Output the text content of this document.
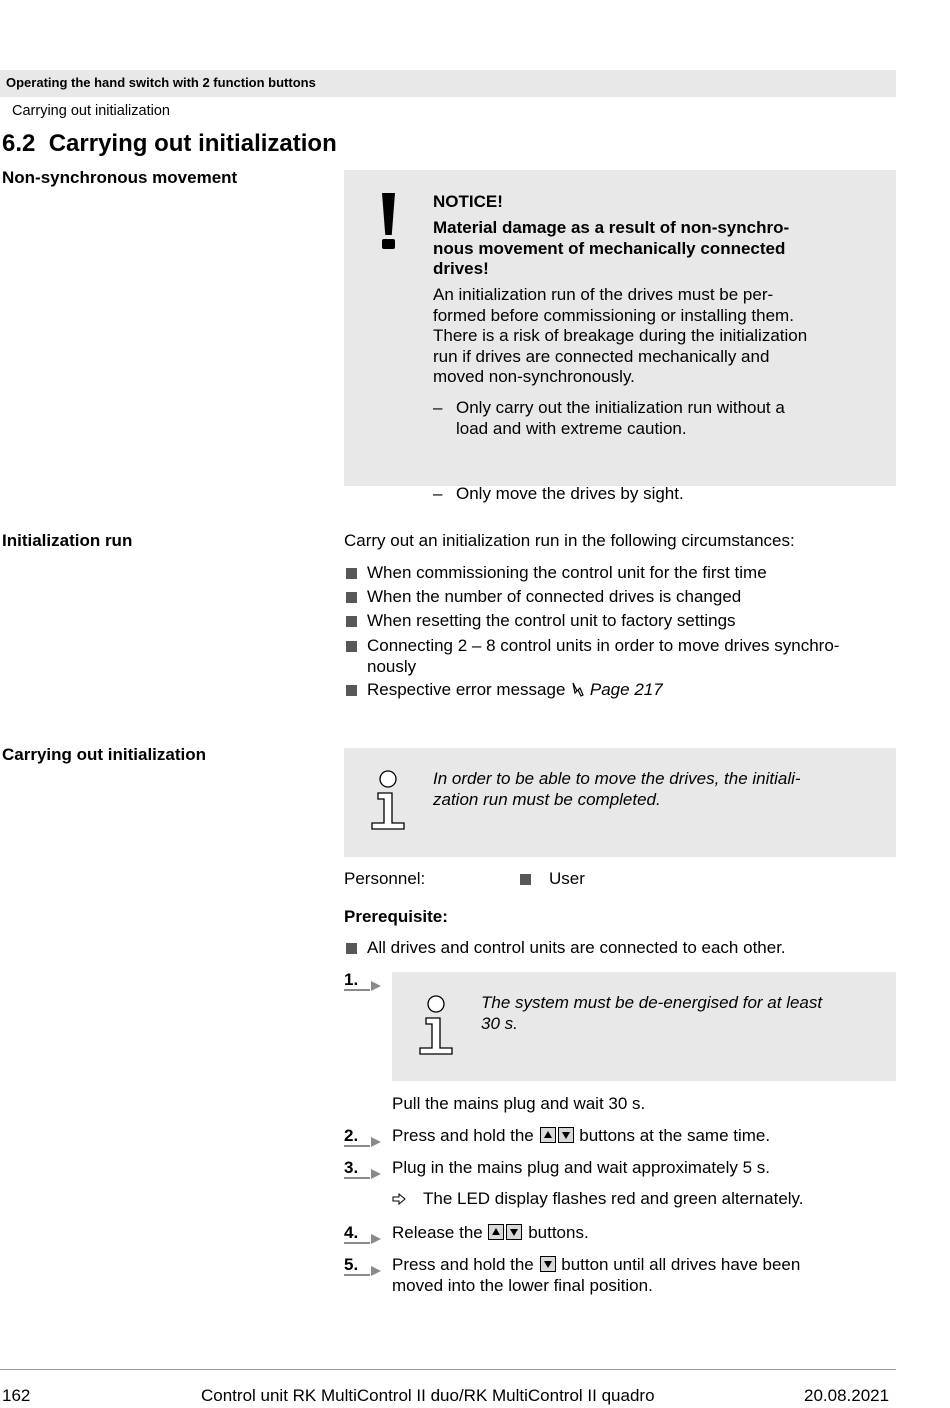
Operating the hand switch with 2 function buttons
Carrying out initialization
6.2 Carrying out initialization
Non-synchronous movement
NOTICE!
Material damage as a result of non-synchro-
nous movement of mechanically connected
drives!
An initialization run of the drives must be per-
formed before commissioning or installing them.
There is a risk of breakage during the initialization
run if drives are connected mechanically and
moved non-synchronously.
– Only carry out the initialization run without a
load and with extreme caution.
– Only move the drives by sight.
Initialization run	Carry out an initialization run in the following circumstances:
When commissioning the control unit for the first time
When the number of connected drives is changed
When resetting the control unit to factory settings
Connecting 2 – 8 control units in order to move drives synchro-
nously
Respective error message Page 217
Carrying out initialization
In order to be able to move the drives, the initiali-
zation run must be completed.
Personnel:	User
Prerequisite:
All drives and control units are connected to each other.
1.
The system must be de-energised for at least
30 s.
Pull the mains plug and wait 30 s.
2. Press and hold the	buttons at the same time.
3. Plug in the mains plug and wait approximately 5 s.
The LED display flashes red and green alternately.
4. Release the	buttons.
5. Press and hold the button until all drives have been
moved into the lower final position.
162	Control unit RK MultiControl II duo/RK MultiControl II quadro	20.08.2021
